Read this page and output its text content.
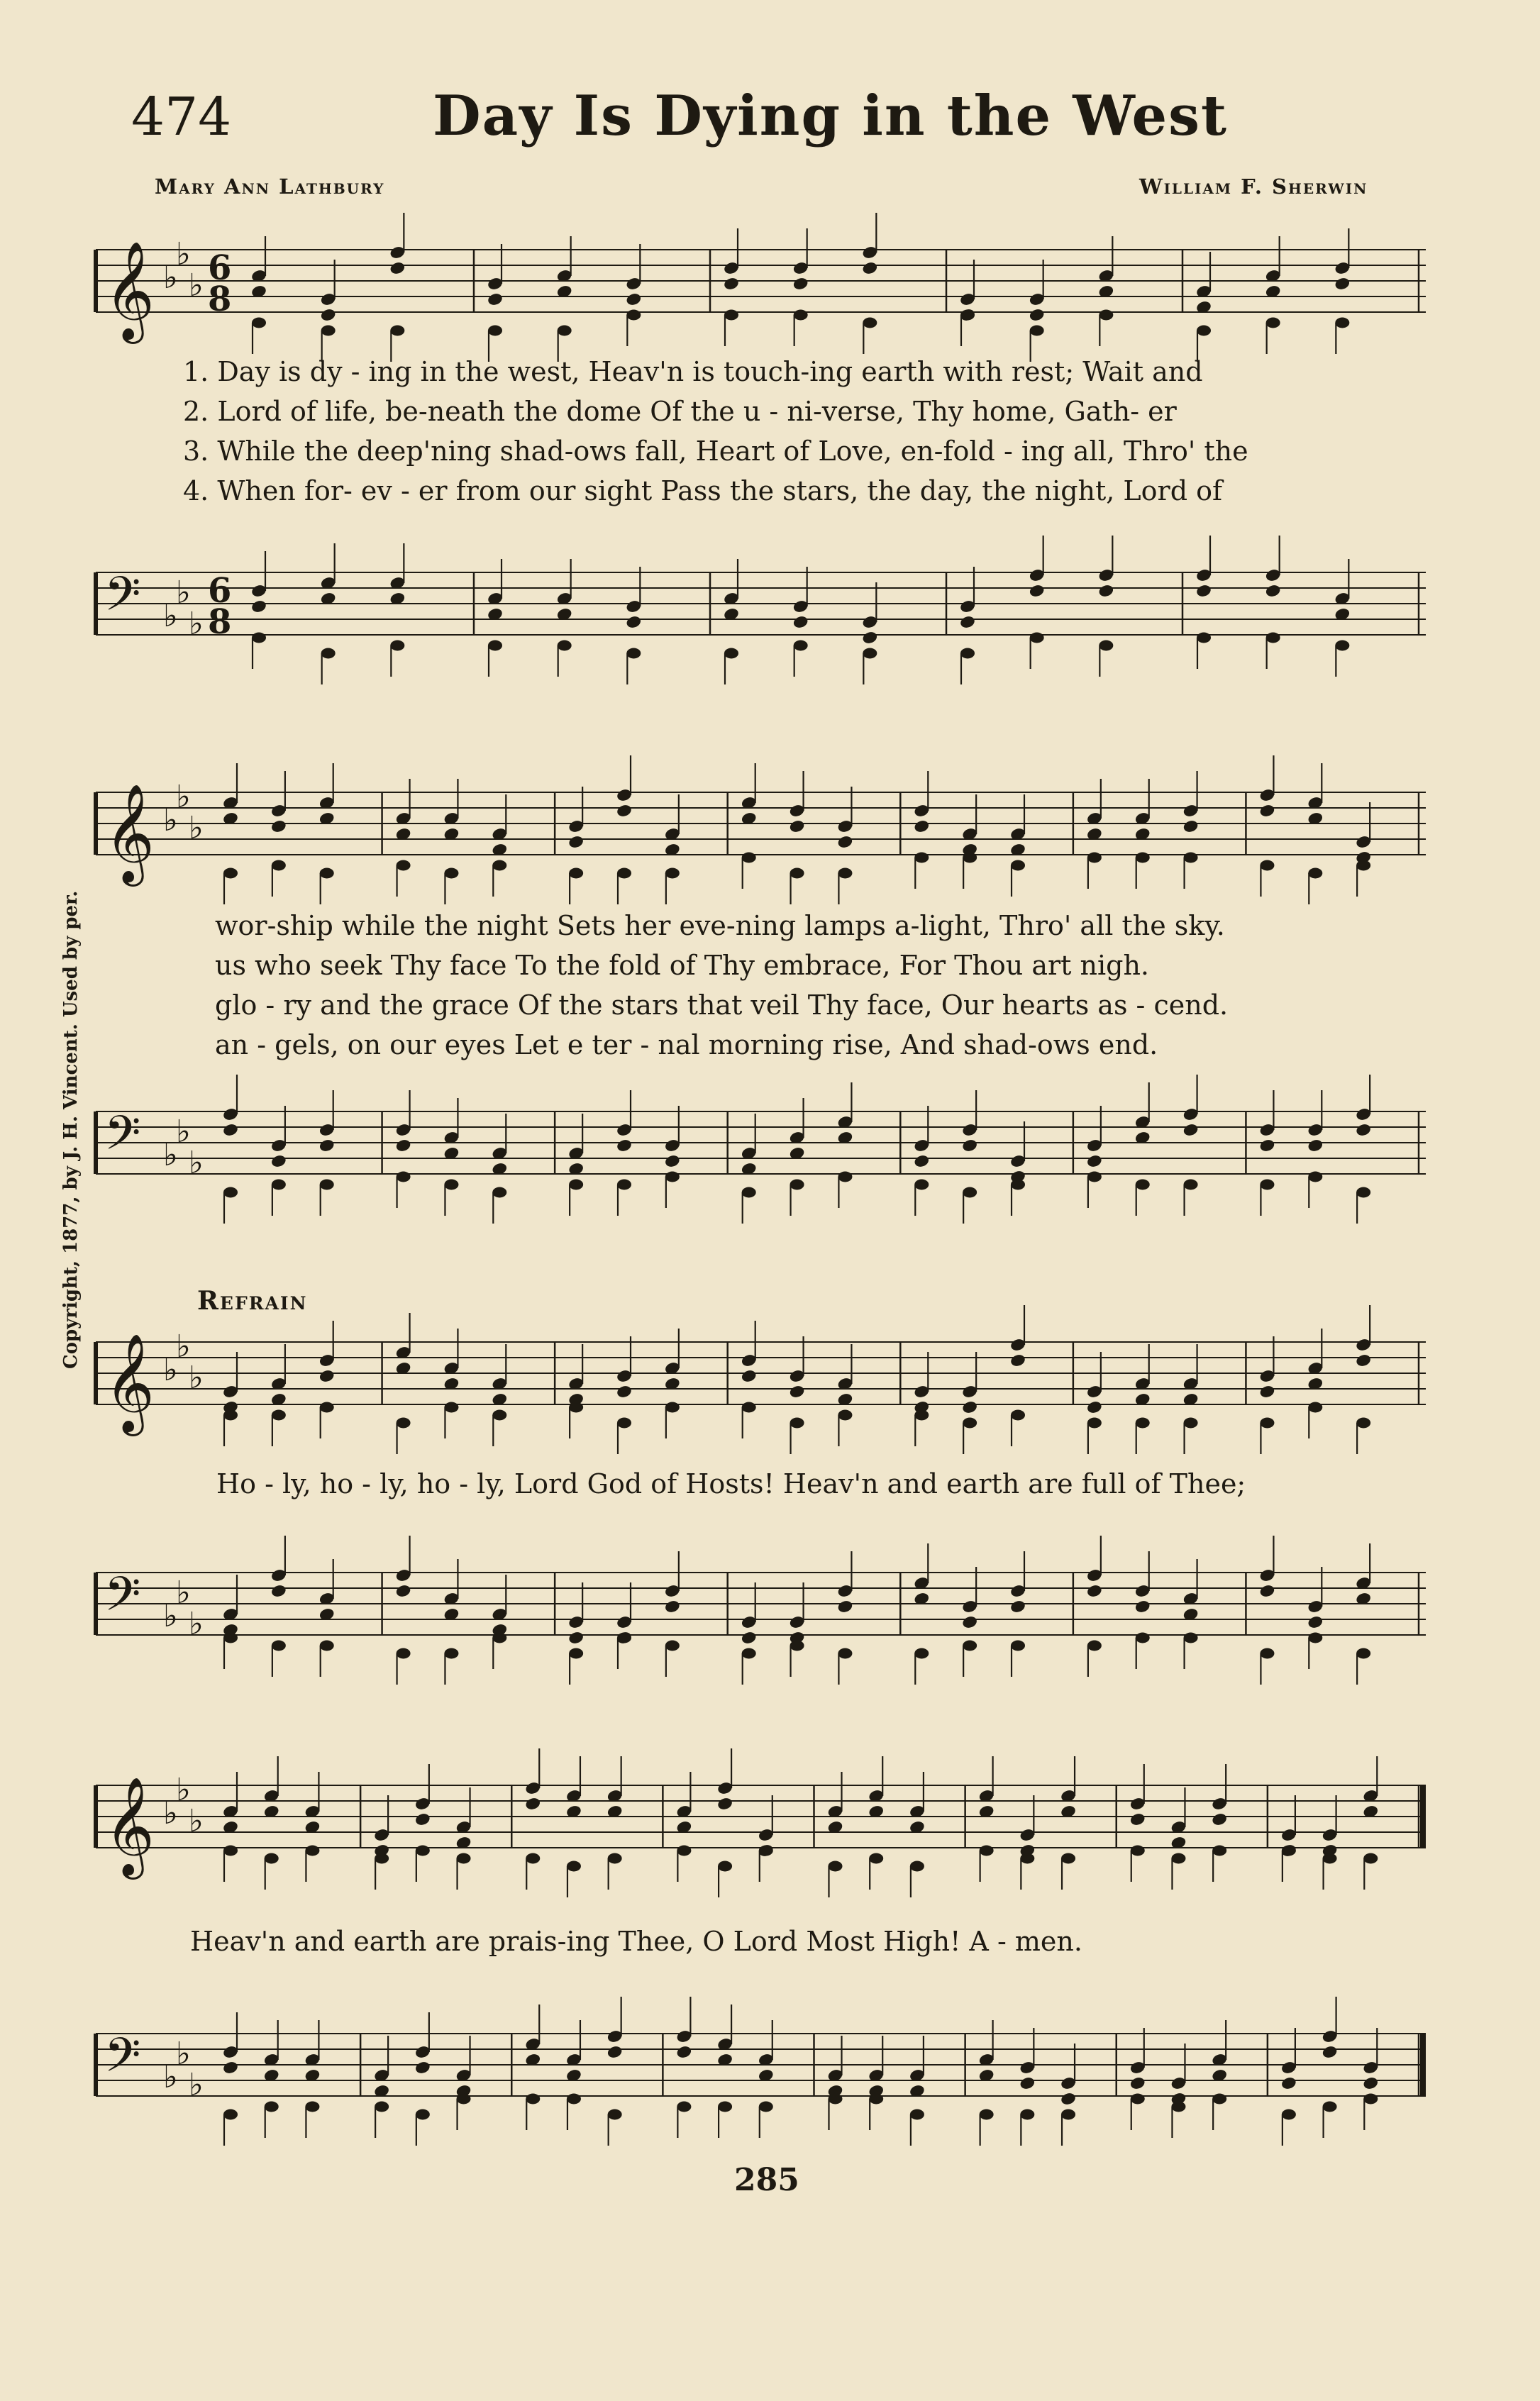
474	Day Is Dying in the West
Mary Ann Lathbury	William F. Sherwin
Copyright, 1877, by J. H. Vincent. Used by per.
𝄞 ♭
♭
♭ 6
8
1. Day is dy - ing in the west, Heav'n is touch-ing earth with rest; Wait and
2. Lord of life, be-neath the dome Of the u - ni-verse, Thy home, Gath- er
3. While the deep'ning shad-ows fall, Heart of Love, en-fold - ing all, Thro' the
4. When for- ev - er from our sight Pass the stars, the day, the night, Lord of
𝄢 ♭
♭
♭
6
8
𝄞 ♭
♭
♭
wor-ship while the night Sets her eve-ning lamps a-light, Thro' all the sky.
us who seek Thy face To the fold of Thy embrace, For Thou art nigh.
glo - ry and the grace Of the stars that veil Thy face, Our hearts as - cend.
an - gels, on our eyes Let e ter - nal morning rise, And shad-ows end.
𝄢 ♭
♭
♭
Refrain
𝄞 ♭
♭
♭
Ho - ly, ho - ly, ho - ly, Lord God of Hosts! Heav'n and earth are full of Thee;
𝄢 ♭
♭
♭
𝄞 ♭
♭
♭
Heav'n and earth are prais-ing Thee, O Lord Most High! A - men.
𝄢 ♭
♭
♭
285
